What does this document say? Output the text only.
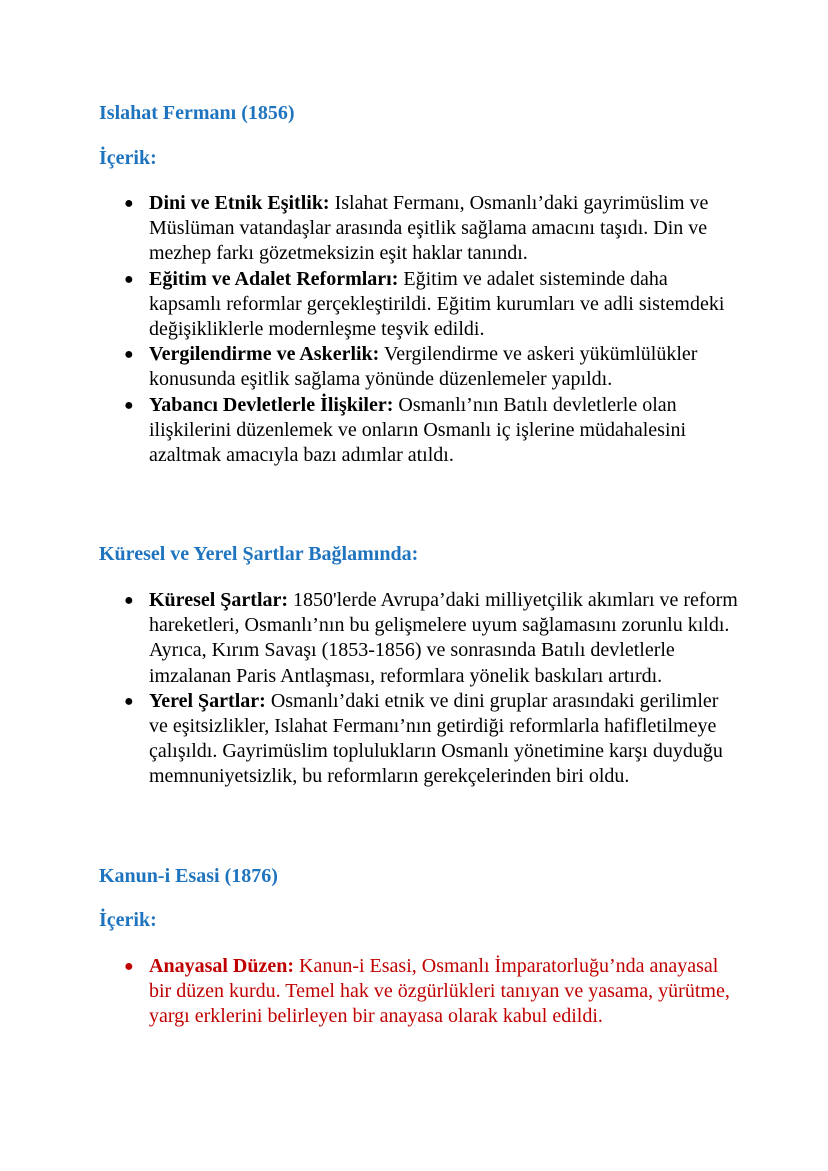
Islahat Fermanı (1856)
İçerik:
● Dini ve Etnik Eşitlik: Islahat Fermanı, Osmanlı’daki gayrimüslim ve Müslüman vatandaşlar arasında eşitlik sağlama amacını taşıdı. Din ve mezhep farkı gözetmeksizin eşit haklar tanındı.
● Eğitim ve Adalet Reformları: Eğitim ve adalet sisteminde daha kapsamlı reformlar gerçekleştirildi. Eğitim kurumları ve adli sistemdeki değişikliklerle modernleşme teşvik edildi.
● Vergilendirme ve Askerlik: Vergilendirme ve askeri yükümlülükler konusunda eşitlik sağlama yönünde düzenlemeler yapıldı.
● Yabancı Devletlerle İlişkiler: Osmanlı’nın Batılı devletlerle olan ilişkilerini düzenlemek ve onların Osmanlı iç işlerine müdahalesini azaltmak amacıyla bazı adımlar atıldı.
Küresel ve Yerel Şartlar Bağlamında:
● Küresel Şartlar: 1850'lerde Avrupa’daki milliyetçilik akımları ve reform hareketleri, Osmanlı’nın bu gelişmelere uyum sağlamasını zorunlu kıldı. Ayrıca, Kırım Savaşı (1853-1856) ve sonrasında Batılı devletlerle imzalanan Paris Antlaşması, reformlara yönelik baskıları artırdı.
● Yerel Şartlar: Osmanlı’daki etnik ve dini gruplar arasındaki gerilimler ve eşitsizlikler, Islahat Fermanı’nın getirdiği reformlarla hafifletilmeye çalışıldı. Gayrimüslim toplulukların Osmanlı yönetimine karşı duyduğu memnuniyetsizlik, bu reformların gerekçelerinden biri oldu.
Kanun-i Esasi (1876)
İçerik:
● Anayasal Düzen: Kanun-i Esasi, Osmanlı İmparatorluğu’nda anayasal bir düzen kurdu. Temel hak ve özgürlükleri tanıyan ve yasama, yürütme, yargı erklerini belirleyen bir anayasa olarak kabul edildi.
